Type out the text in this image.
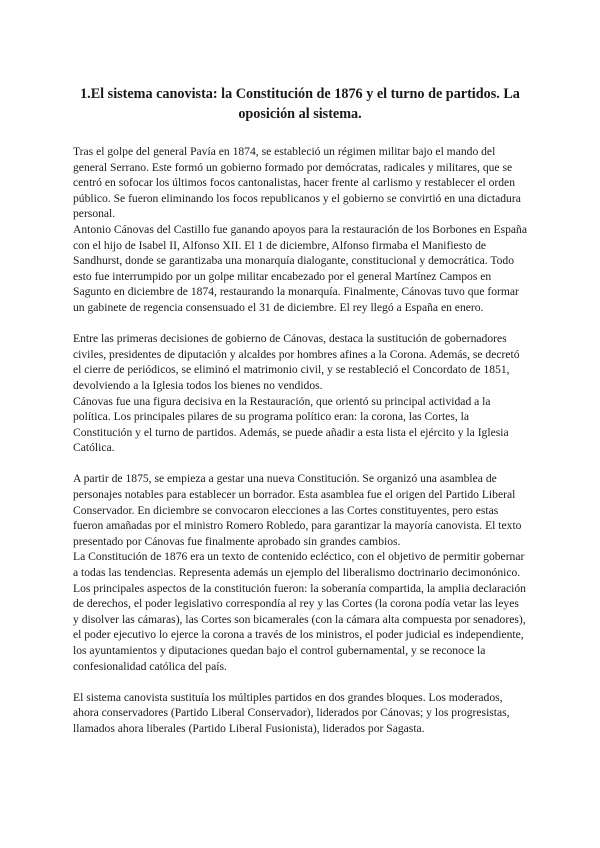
1.El sistema canovista: la Constitución de 1876 y el turno de partidos. La oposición al sistema.

Tras el golpe del general Pavía en 1874, se estableció un régimen militar bajo el mando del general Serrano. Este formó un gobierno formado por demócratas, radicales y militares, que se centró en sofocar los últimos focos cantonalistas, hacer frente al carlismo y restablecer el orden público. Se fueron eliminando los focos republicanos y el gobierno se convirtió en una dictadura personal.

Antonio Cánovas del Castillo fue ganando apoyos para la restauración de los Borbones en España con el hijo de Isabel II, Alfonso XII. El 1 de diciembre, Alfonso firmaba el Manifiesto de Sandhurst, donde se garantizaba una monarquía dialogante, constitucional y democrática. Todo esto fue interrumpido por un golpe militar encabezado por el general Martínez Campos en Sagunto en diciembre de 1874, restaurando la monarquía. Finalmente, Cánovas tuvo que formar un gabinete de regencia consensuado el 31 de diciembre. El rey llegó a España en enero.

Entre las primeras decisiones de gobierno de Cánovas, destaca la sustitución de gobernadores civiles, presidentes de diputación y alcaldes por hombres afines a la Corona. Además, se decretó el cierre de periódicos, se eliminó el matrimonio civil, y se restableció el Concordato de 1851, devolviendo a la Iglesia todos los bienes no vendidos.

Cánovas fue una figura decisiva en la Restauración, que orientó su principal actividad a la política. Los principales pilares de su programa político eran: la corona, las Cortes, la Constitución y el turno de partidos. Además, se puede añadir a esta lista el ejército y la Iglesia Católica.

A partir de 1875, se empieza a gestar una nueva Constitución. Se organizó una asamblea de personajes notables para establecer un borrador. Esta asamblea fue el origen del Partido Liberal Conservador. En diciembre se convocaron elecciones a las Cortes constituyentes, pero estas fueron amañadas por el ministro Romero Robledo, para garantizar la mayoría canovista. El texto presentado por Cánovas fue finalmente aprobado sin grandes cambios.

La Constitución de 1876 era un texto de contenido ecléctico, con el objetivo de permitir gobernar a todas las tendencias. Representa además un ejemplo del liberalismo doctrinario decimonónico. Los principales aspectos de la constitución fueron: la soberanía compartida, la amplia declaración de derechos, el poder legislativo correspondía al rey y las Cortes (la corona podía vetar las leyes y disolver las cámaras), las Cortes son bicamerales (con la cámara alta compuesta por senadores), el poder ejecutivo lo ejerce la corona a través de los ministros, el poder judicial es independiente, los ayuntamientos y diputaciones quedan bajo el control gubernamental, y se reconoce la confesionalidad católica del país.

El sistema canovista sustituía los múltiples partidos en dos grandes bloques. Los moderados, ahora conservadores (Partido Liberal Conservador), liderados por Cánovas; y los progresistas, llamados ahora liberales (Partido Liberal Fusionista), liderados por Sagasta.
